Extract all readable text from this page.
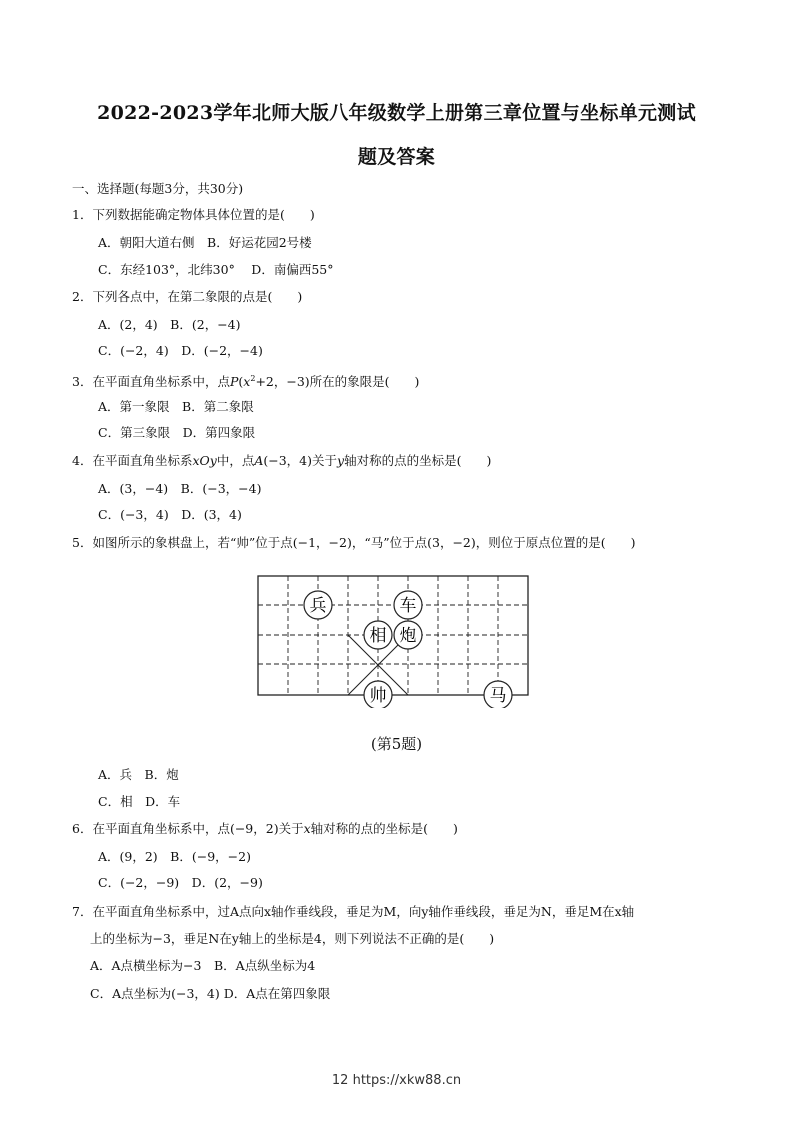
2022-2023学年北师大版八年级数学上册第三章位置与坐标单元测试
题及答案
一、选择题(每题3分，共30分)
1．下列数据能确定物体具体位置的是(　　)
A．朝阳大道右侧　B．好运花园2号楼
C．东经103°，北纬30°　 D．南偏西55°
2．下列各点中，在第二象限的点是(　　)
A．(2，4)　B．(2，−4)
C．(−2，4)　D．(−2，−4)
3．在平面直角坐标系中，点$P(x^2+2$，−3)所在的象限是(　　)
A．第一象限　B．第二象限
C．第三象限　D．第四象限
4．在平面直角坐标系xOy中，点A(−3，4)关于y轴对称的点的坐标是(　　)
A．(3，−4)　B．(−3，−4)
C．(−3，4)　D．(3，4)
5．如图所示的象棋盘上，若“帅”位于点(−1，−2)，“马”位于点(3，−2)，则位于原点位置的是(　　)
兵	车
相 炮
帅	马
(第5题)
A．兵　B．炮
C．相　D．车
6．在平面直角坐标系中，点(−9，2)关于x轴对称的点的坐标是(　　)
A．(9，2)　B．(−9，−2)
C．(−2，−9)　D．(2，−9)
7．在平面直角坐标系中，过A点向x轴作垂线段，垂足为M，向y轴作垂线段，垂足为N，垂足M在x轴
上的坐标为−3，垂足N在y轴上的坐标是4，则下列说法不正确的是(　　)
A．A点横坐标为−3　B．A点纵坐标为4
C．A点坐标为(−3，4) D．A点在第四象限
12 https://xkw88.cn
